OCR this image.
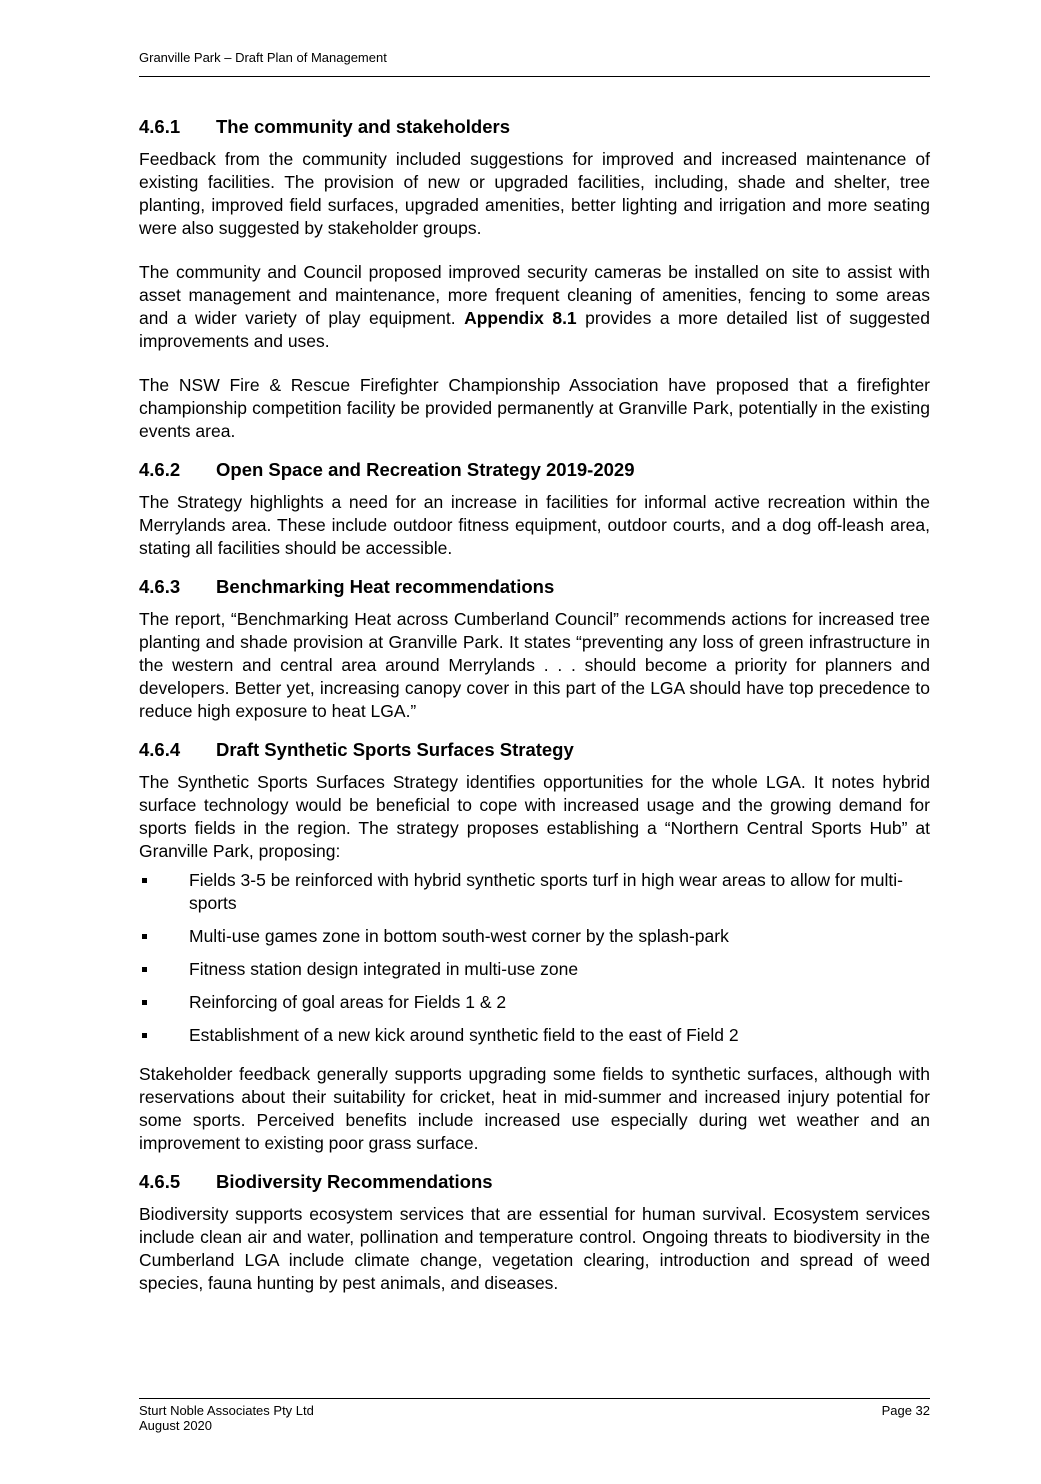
Granville Park – Draft Plan of Management
4.6.1	The community and stakeholders

Feedback from the community included suggestions for improved and increased maintenance of existing facilities. The provision of new or upgraded facilities, including, shade and shelter, tree planting, improved field surfaces, upgraded amenities, better lighting and irrigation and more seating were also suggested by stakeholder groups.

The community and Council proposed improved security cameras be installed on site to assist with asset management and maintenance, more frequent cleaning of amenities, fencing to some areas and a wider variety of play equipment. Appendix 8.1 provides a more detailed list of suggested improvements and uses.

The NSW Fire & Rescue Firefighter Championship Association have proposed that a firefighter championship competition facility be provided permanently at Granville Park, potentially in the existing events area.

4.6.2	Open Space and Recreation Strategy 2019-2029

The Strategy highlights a need for an increase in facilities for informal active recreation within the Merrylands area. These include outdoor fitness equipment, outdoor courts, and a dog off-leash area, stating all facilities should be accessible.

4.6.3	Benchmarking Heat recommendations

The report, “Benchmarking Heat across Cumberland Council” recommends actions for increased tree planting and shade provision at Granville Park. It states “preventing any loss of green infrastructure in the western and central area around Merrylands . . . should become a priority for planners and developers. Better yet, increasing canopy cover in this part of the LGA should have top precedence to reduce high exposure to heat LGA.”

4.6.4	Draft Synthetic Sports Surfaces Strategy

The Synthetic Sports Surfaces Strategy identifies opportunities for the whole LGA. It notes hybrid surface technology would be beneficial to cope with increased usage and the growing demand for sports fields in the region. The strategy proposes establishing a “Northern Central Sports Hub” at Granville Park, proposing:

Fields 3-5 be reinforced with hybrid synthetic sports turf in high wear areas to allow for multi-sports
Multi-use games zone in bottom south-west corner by the splash-park
Fitness station design integrated in multi-use zone
Reinforcing of goal areas for Fields 1 & 2
Establishment of a new kick around synthetic field to the east of Field 2

Stakeholder feedback generally supports upgrading some fields to synthetic surfaces, although with reservations about their suitability for cricket, heat in mid-summer and increased injury potential for some sports. Perceived benefits include increased use especially during wet weather and an improvement to existing poor grass surface.

4.6.5	Biodiversity Recommendations

Biodiversity supports ecosystem services that are essential for human survival. Ecosystem services include clean air and water, pollination and temperature control. Ongoing threats to biodiversity in the Cumberland LGA include climate change, vegetation clearing, introduction and spread of weed species, fauna hunting by pest animals, and diseases.

Sturt Noble Associates Pty Ltd
August 2020
Page 32
